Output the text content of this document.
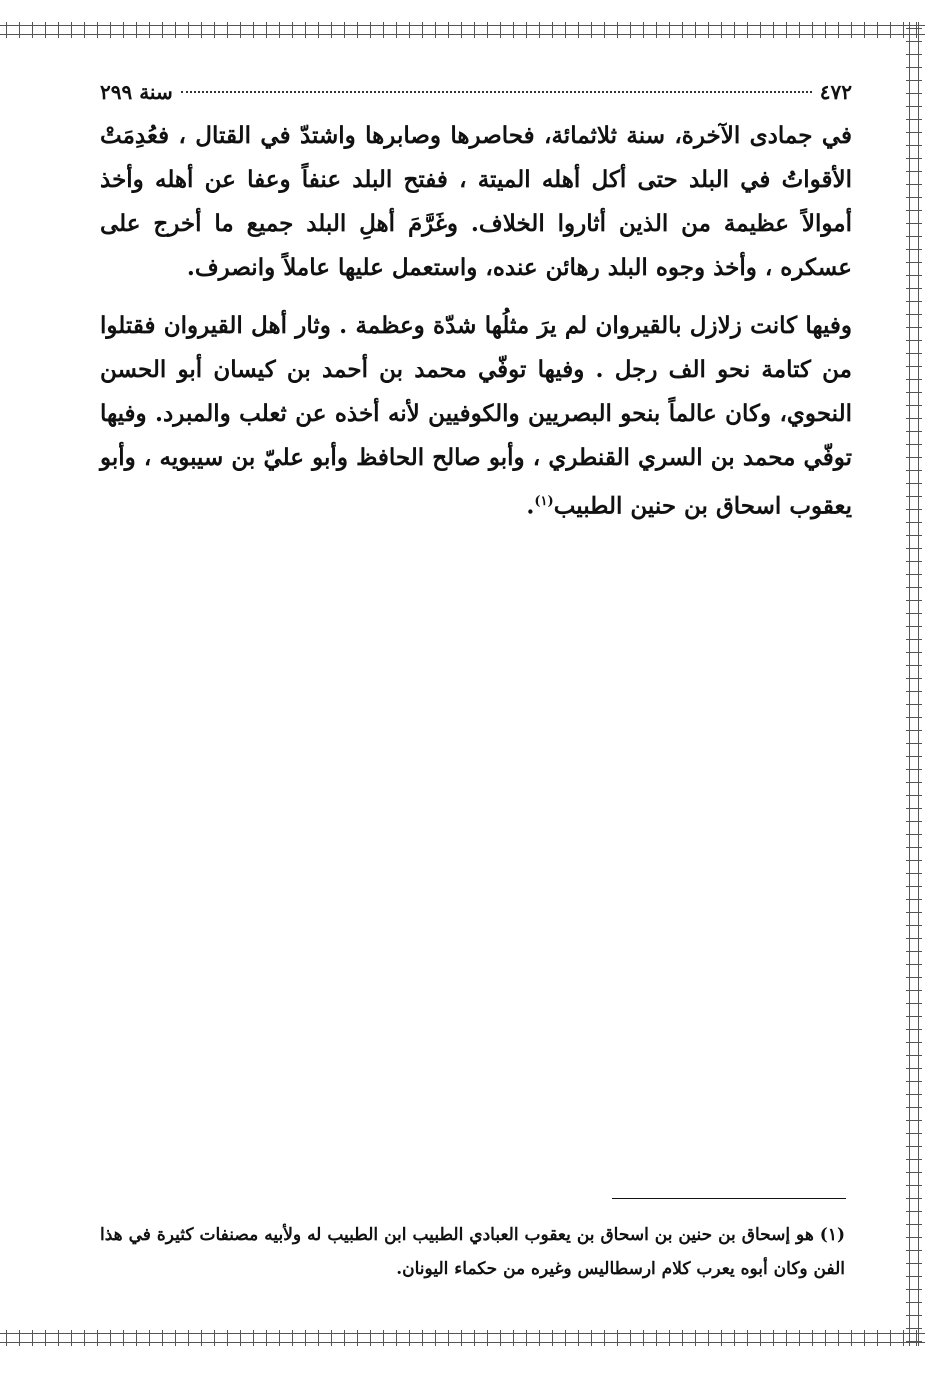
٤٧٢
سنة ٢٩٩

في جمادى الآخرة، سنة ثلاثمائة، فحاصرها وصابرها واشتدّ في القتال ، فعُدِمَتْ الأقواتُ في البلد حتى أكل أهله الميتة ، ففتح البلد عنفاً وعفا عن أهله وأخذ أموالاً عظيمة من الذين أثاروا الخلاف. وغَرَّمَ أهلِ البلد جميع ما أخرج على عسكره ، وأخذ وجوه البلد رهائن عنده، واستعمل عليها عاملاً وانصرف.

وفيها كانت زلازل بالقيروان لم يرَ مثلُها شدّة وعظمة . وثار أهل القيروان فقتلوا من كتامة نحو الف رجل . وفيها توفّي محمد بن أحمد بن كيسان أبو الحسن النحوي، وكان عالماً بنحو البصريين والكوفيين لأنه أخذه عن ثعلب والمبرد. وفيها توفّي محمد بن السري القنطري ، وأبو صالح الحافظ وأبو عليّ بن سيبويه ، وأبو يعقوب اسحاق بن حنين الطبيب$^{(١)}$.

(١) هو إسحاق بن حنين بن اسحاق بن يعقوب العبادي الطبيب ابن الطبيب له ولأبيه مصنفات كثيرة في هذا الفن وكان أبوه يعرب كلام ارسطاليس وغيره من حكماء اليونان.
